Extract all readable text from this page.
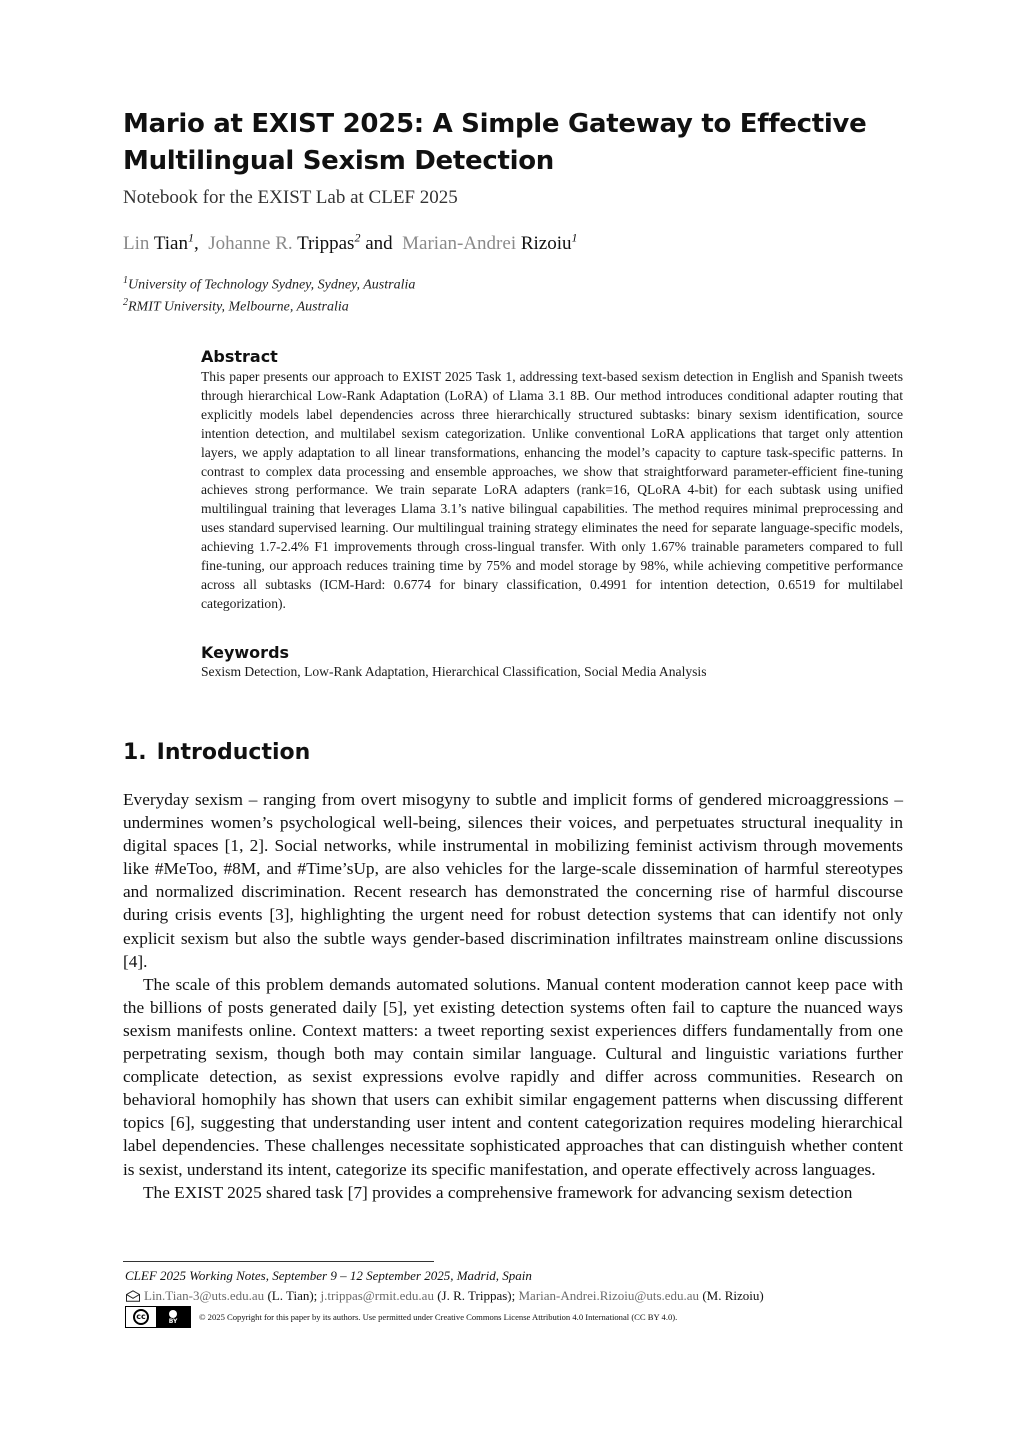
Mario at EXIST 2025: A Simple Gateway to Effective
Multilingual Sexism Detection

Notebook for the EXIST Lab at CLEF 2025

Lin Tian$^1$,  Johanne R. Trippas$^2$ and  Marian-Andrei Rizoiu$^1$
$^1$University of Technology Sydney, Sydney, Australia
$^2$RMIT University, Melbourne, Australia
Abstract

This paper presents our approach to EXIST 2025 Task 1, addressing text-based sexism detection in English and Spanish tweets through hierarchical Low-Rank Adaptation (LoRA) of Llama 3.1 8B. Our method introduces conditional adapter routing that explicitly models label dependencies across three hierarchically structured subtasks: binary sexism identification, source intention detection, and multilabel sexism categorization. Unlike conventional LoRA applications that target only attention layers, we apply adaptation to all linear transformations, enhancing the model’s capacity to capture task-specific patterns. In contrast to complex data processing and ensemble approaches, we show that straightforward parameter-efficient fine-tuning achieves strong performance. We train separate LoRA adapters (rank=16, QLoRA 4-bit) for each subtask using unified multilingual training that leverages Llama 3.1’s native bilingual capabilities. The method requires minimal preprocessing and uses standard supervised learning. Our multilingual training strategy eliminates the need for separate language-specific models, achieving 1.7-2.4% F1 improvements through cross-lingual transfer. With only 1.67% trainable parameters compared to full fine-tuning, our approach reduces training time by 75% and model storage by 98%, while achieving competitive performance across all subtasks (ICM-Hard: 0.6774 for binary classification, 0.4991 for intention detection, 0.6519 for multilabel categorization).

Keywords

Sexism Detection, Low-Rank Adaptation, Hierarchical Classification, Social Media Analysis

1. Introduction

Everyday sexism – ranging from overt misogyny to subtle and implicit forms of gendered microaggressions – undermines women’s psychological well-being, silences their voices, and perpetuates structural inequality in digital spaces [1, 2]. Social networks, while instrumental in mobilizing feminist activism through movements like #MeToo, #8M, and #Time’sUp, are also vehicles for the large-scale dissemination of harmful stereotypes and normalized discrimination. Recent research has demonstrated the concerning rise of harmful discourse during crisis events [3], highlighting the urgent need for robust detection systems that can identify not only explicit sexism but also the subtle ways gender-based discrimination infiltrates mainstream online discussions [4].

The scale of this problem demands automated solutions. Manual content moderation cannot keep pace with the billions of posts generated daily [5], yet existing detection systems often fail to capture the nuanced ways sexism manifests online. Context matters: a tweet reporting sexist experiences differs fundamentally from one perpetrating sexism, though both may contain similar language. Cultural and linguistic variations further complicate detection, as sexist expressions evolve rapidly and differ across communities. Research on behavioral homophily has shown that users can exhibit similar engagement patterns when discussing different topics [6], suggesting that understanding user intent and content categorization requires modeling hierarchical label dependencies. These challenges necessitate sophisticated approaches that can distinguish whether content is sexist, understand its intent, categorize its specific manifestation, and operate effectively across languages.

The EXIST 2025 shared task [7] provides a comprehensive framework for advancing sexism detection

CLEF 2025 Working Notes, September 9 – 12 September 2025, Madrid, Spain
Lin.Tian-3@uts.edu.au (L. Tian); j.trippas@rmit.edu.au (J. R. Trippas); Marian-Andrei.Rizoiu@uts.edu.au (M. Rizoiu)
cc	BY	© 2025 Copyright for this paper by its authors. Use permitted under Creative Commons License Attribution 4.0 International (CC BY 4.0).
